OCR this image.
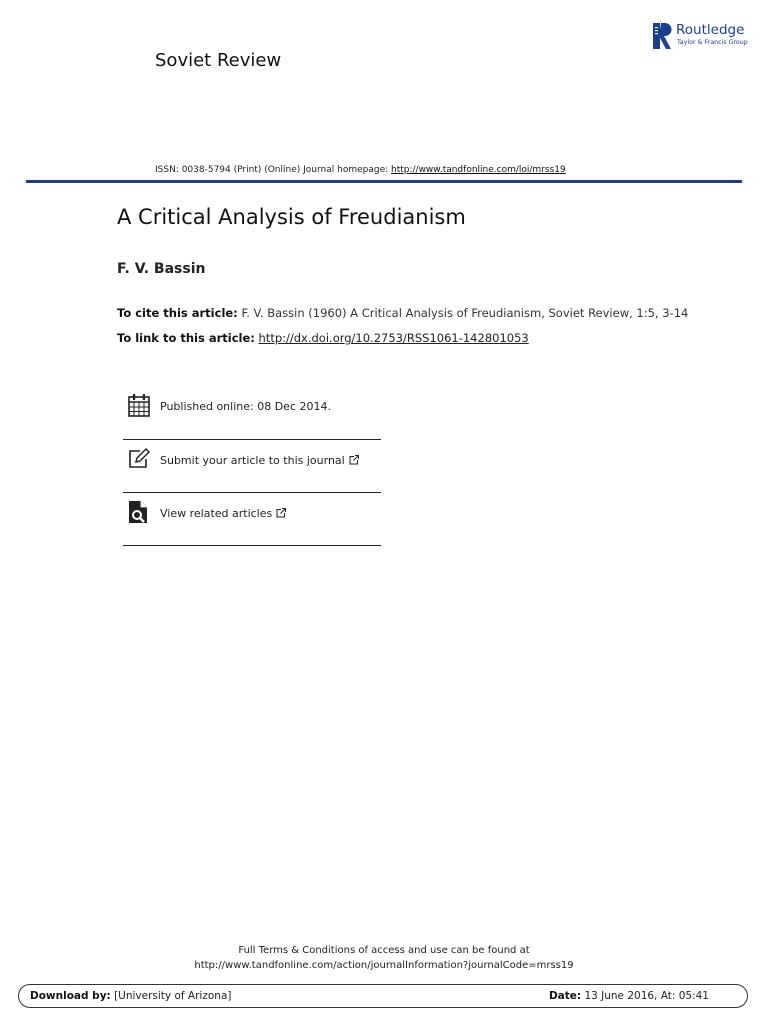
Soviet Review
Routledge
Taylor & Francis Group
ISSN: 0038-5794 (Print) (Online) Journal homepage: http://www.tandfonline.com/loi/mrss19
A Critical Analysis of Freudianism
F. V. Bassin
To cite this article: F. V. Bassin (1960) A Critical Analysis of Freudianism, Soviet Review, 1:5, 3-14
To link to this article: http://dx.doi.org/10.2753/RSS1061-142801053
Published online: 08 Dec 2014.
Submit your article to this journal
View related articles
Full Terms & Conditions of access and use can be found at
http://www.tandfonline.com/action/journalInformation?journalCode=mrss19
Download by: [University of Arizona]	Date: 13 June 2016, At: 05:41
